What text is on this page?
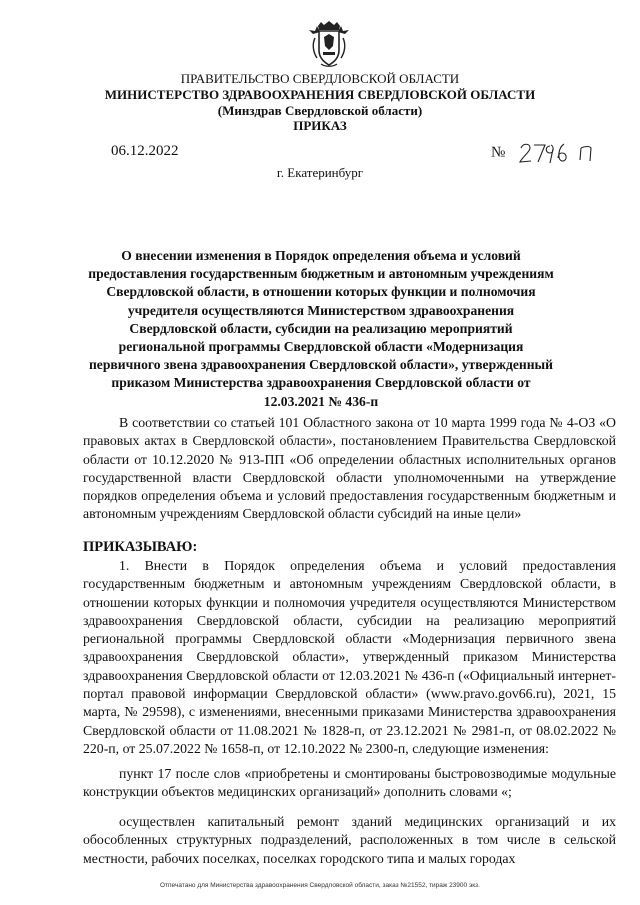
ПРАВИТЕЛЬСТВО СВЕРДЛОВСКОЙ ОБЛАСТИ
МИНИСТЕРСТВО ЗДРАВООХРАНЕНИЯ СВЕРДЛОВСКОЙ ОБЛАСТИ
(Минздрав Свердловской области)
ПРИКАЗ
06.12.2022	№
г. Екатеринбург
О внесении изменения в Порядок определения объема и условий предоставления государственным бюджетным и автономным учреждениям Свердловской области, в отношении которых функции и полномочия учредителя осуществляются Министерством здравоохранения Свердловской области, субсидии на реализацию мероприятий региональной программы Свердловской области «Модернизация первичного звена здравоохранения Свердловской области», утвержденный приказом Министерства здравоохранения Свердловской области от 12.03.2021 № 436-п

В соответствии со статьей 101 Областного закона от 10 марта 1999 года № 4-ОЗ «О правовых актах в Свердловской области», постановлением Правительства Свердловской области от 10.12.2020 № 913-ПП «Об определении областных исполнительных органов государственной власти Свердловской области уполномоченными на утверждение порядков определения объема и условий предоставления государственным бюджетным и автономным учреждениям Свердловской области субсидий на иные цели»

ПРИКАЗЫВАЮ:

1. Внести в Порядок определения объема и условий предоставления государственным бюджетным и автономным учреждениям Свердловской области, в отношении которых функции и полномочия учредителя осуществляются Министерством здравоохранения Свердловской области, субсидии на реализацию мероприятий региональной программы Свердловской области «Модернизация первичного звена здравоохранения Свердловской области», утвержденный приказом Министерства здравоохранения Свердловской области от 12.03.2021 № 436-п («Официальный интернет-портал правовой информации Свердловской области» (www.pravo.gov66.ru), 2021, 15 марта, № 29598), с изменениями, внесенными приказами Министерства здравоохранения Свердловской области от 11.08.2021 № 1828-п, от 23.12.2021 № 2981-п, от 08.02.2022 № 220-п, от 25.07.2022 № 1658-п, от 12.10.2022 № 2300-п, следующие изменения:

пункт 17 после слов «приобретены и смонтированы быстровозводимые модульные конструкции объектов медицинских организаций» дополнить словами «;

осуществлен капитальный ремонт зданий медицинских организаций и их обособленных структурных подразделений, расположенных в том числе в сельской местности, рабочих поселках, поселках городского типа и малых городах

Отпечатано для Министерства здравоохранения Свердловской области, заказ №21552, тираж 23900 экз.
